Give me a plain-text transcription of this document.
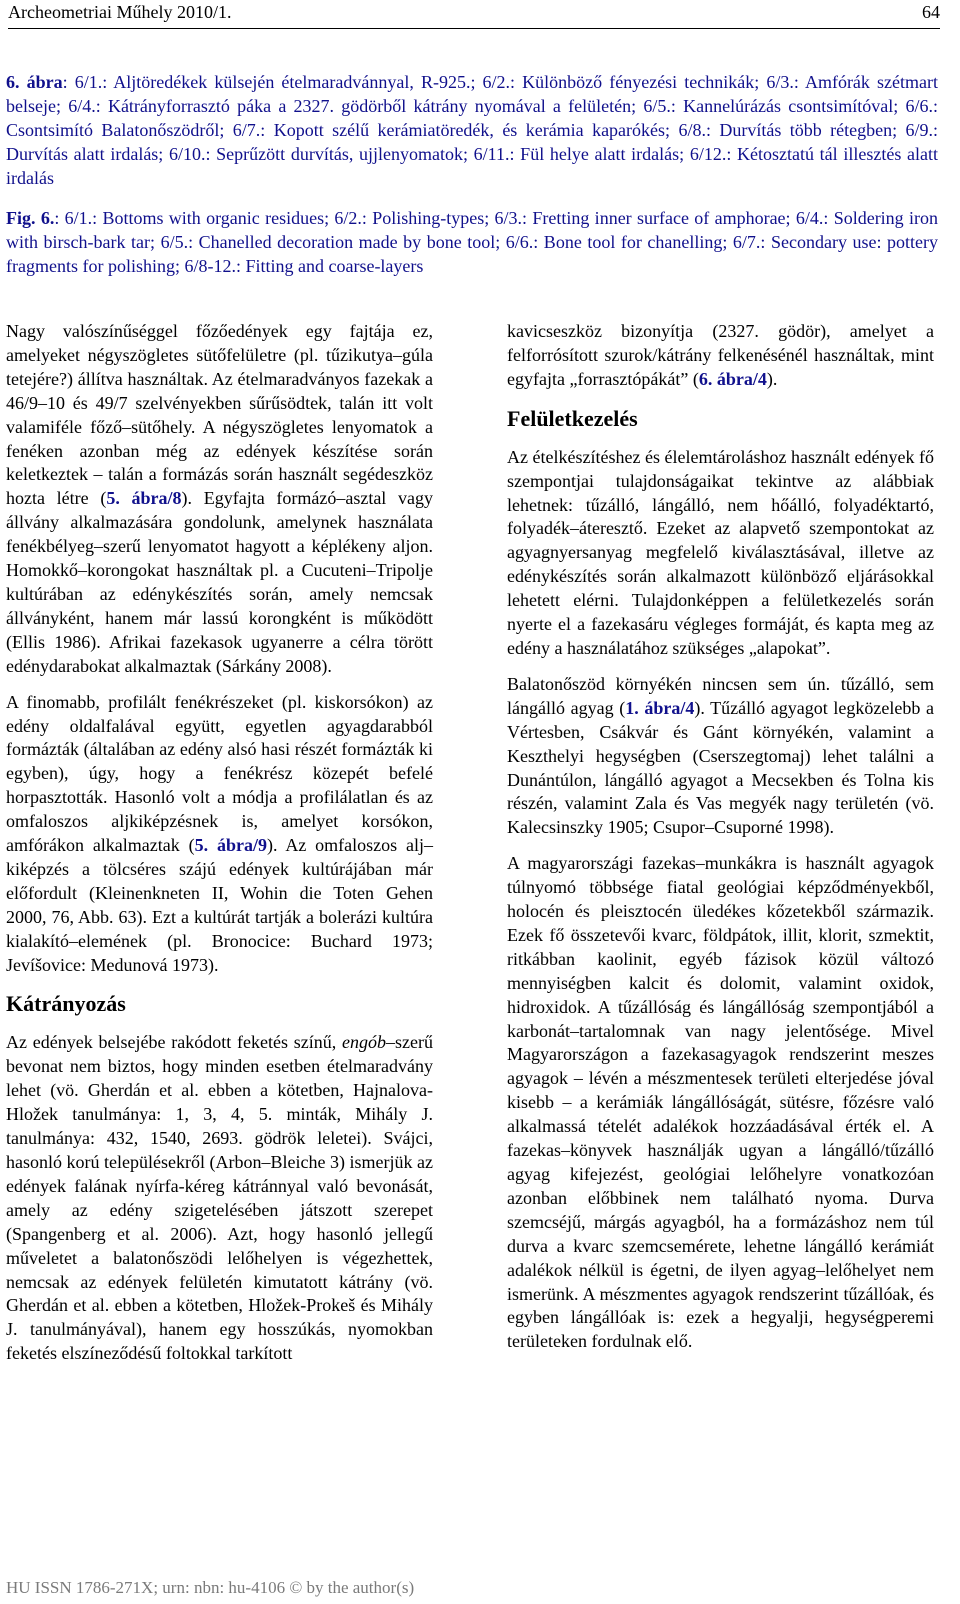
Archeometriai Műhely 2010/1.	64
6. ábra: 6/1.: Aljtöredékek külsején ételmaradvánnyal, R-925.; 6/2.: Különböző fényezési technikák; 6/3.: Amfórák szétmart belseje; 6/4.: Kátrányforrasztó páka a 2327. gödörből kátrány nyomával a felületén; 6/5.: Kannelúrázás csontsimítóval; 6/6.: Csontsimító Balatonőszödről; 6/7.: Kopott szélű kerámiatöredék, és kerámia kaparókés; 6/8.: Durvítás több rétegben; 6/9.: Durvítás alatt irdalás; 6/10.: Seprűzött durvítás, ujjlenyomatok; 6/11.: Fül helye alatt irdalás; 6/12.: Kétosztatú tál illesztés alatt irdalás
Fig. 6.: 6/1.: Bottoms with organic residues; 6/2.: Polishing-types; 6/3.: Fretting inner surface of amphorae; 6/4.: Soldering iron with birsch-bark tar; 6/5.: Chanelled decoration made by bone tool; 6/6.: Bone tool for chanelling; 6/7.: Secondary use: pottery fragments for polishing; 6/8-12.: Fitting and coarse-layers

Nagy valószínűséggel főzőedények egy fajtája ez, amelyeket négyszögletes sütőfelületre (pl. tűzikutya–gúla tetejére?) állítva használtak. Az ételmaradványos fazekak a 46/9–10 és 49/7 szelvényekben sűrűsödtek, talán itt volt valamiféle főző–sütőhely. A négyszögletes lenyomatok a fenéken azonban még az edények készítése során keletkeztek – talán a formázás során használt segédeszköz hozta létre (5. ábra/8). Egyfajta formázó–asztal vagy állvány alkalmazására gondolunk, amelynek használata fenékbélyeg–szerű lenyomatot hagyott a képlékeny aljon. Homokkő–korongokat használtak pl. a Cucuteni–Tripolje kultúrában az edénykészítés során, amely nemcsak állványként, hanem már lassú korongként is működött (Ellis 1986). Afrikai fazekasok ugyanerre a célra törött edénydarabokat alkalmaztak (Sárkány 2008).

A finomabb, profilált fenékrészeket (pl. kiskorsókon) az edény oldalfalával együtt, egyetlen agyagdarabból formázták (általában az edény alsó hasi részét formázták ki egyben), úgy, hogy a fenékrész közepét befelé horpasztották. Hasonló volt a módja a profilálatlan és az omfaloszos aljkiképzésnek is, amelyet korsókon, amfórákon alkalmaztak (5. ábra/9). Az omfaloszos alj–kiképzés a tölcséres szájú edények kultúrájában már előfordult (Kleinenkneten II, Wohin die Toten Gehen 2000, 76, Abb. 63). Ezt a kultúrát tartják a bolerázi kultúra kialakító–elemének (pl. Bronocice: Buchard 1973; Jevíšovice: Medunová 1973).

Kátrányozás

Az edények belsejébe rakódott feketés színű, engób–szerű bevonat nem biztos, hogy minden esetben ételmaradvány lehet (vö. Gherdán et al. ebben a kötetben, Hajnalova-Hložek tanulmánya: 1, 3, 4, 5. minták, Mihály J. tanulmánya: 432, 1540, 2693. gödrök leletei). Svájci, hasonló korú településekről (Arbon–Bleiche 3) ismerjük az edények falának nyírfa-kéreg kátránnyal való bevonását, amely az edény szigetelésében játszott szerepet (Spangenberg et al. 2006). Azt, hogy hasonló jellegű műveletet a balatonőszödi lelőhelyen is végezhettek, nemcsak az edények felületén kimutatott kátrány (vö. Gherdán et al. ebben a kötetben, Hložek-Prokeš és Mihály J. tanulmányával), hanem egy hosszúkás, nyomokban feketés elszíneződésű foltokkal tarkított

kavicseszköz bizonyítja (2327. gödör), amelyet a felforrósított szurok/kátrány felkenésénél használtak, mint egyfajta „forrasztópákát” (6. ábra/4).

Felületkezelés

Az ételkészítéshez és élelemtároláshoz használt edények fő szempontjai tulajdonságaikat tekintve az alábbiak lehetnek: tűzálló, lángálló, nem hőálló, folyadéktartó, folyadék–áteresztő. Ezeket az alapvető szempontokat az agyagnyersanyag megfelelő kiválasztásával, illetve az edénykészítés során alkalmazott különböző eljárásokkal lehetett elérni. Tulajdonképpen a felületkezelés során nyerte el a fazekasáru végleges formáját, és kapta meg az edény a használatához szükséges „alapokat”.

Balatonőszöd környékén nincsen sem ún. tűzálló, sem lángálló agyag (1. ábra/4). Tűzálló agyagot legközelebb a Vértesben, Csákvár és Gánt környékén, valamint a Keszthelyi hegységben (Cserszegtomaj) lehet találni a Dunántúlon, lángálló agyagot a Mecsekben és Tolna kis részén, valamint Zala és Vas megyék nagy területén (vö. Kalecsinszky 1905; Csupor–Csuporné 1998).

A magyarországi fazekas–munkákra is használt agyagok túlnyomó többsége fiatal geológiai képződményekből, holocén és pleisztocén üledékes kőzetekből származik. Ezek fő összetevői kvarc, földpátok, illit, klorit, szmektit, ritkábban kaolinit, egyéb fázisok közül változó mennyiségben kalcit és dolomit, valamint oxidok, hidroxidok. A tűzállóság és lángállóság szempontjából a karbonát–tartalomnak van nagy jelentősége. Mivel Magyarországon a fazekasagyagok rendszerint meszes agyagok – lévén a mészmentesek területi elterjedése jóval kisebb – a kerámiák lángállóságát, sütésre, főzésre való alkalmassá tételét adalékok hozzáadásával érték el. A fazekas–könyvek használják ugyan a lángálló/tűzálló agyag kifejezést, geológiai lelőhelyre vonatkozóan azonban előbbinek nem található nyoma. Durva szemcséjű, márgás agyagból, ha a formázáshoz nem túl durva a kvarc szemcsemérete, lehetne lángálló kerámiát adalékok nélkül is égetni, de ilyen agyag–lelőhelyet nem ismerünk. A mészmentes agyagok rendszerint tűzállóak, és egyben lángállóak is: ezek a hegyalji, hegységperemi területeken fordulnak elő.

HU ISSN 1786-271X; urn: nbn: hu-4106 © by the author(s)
